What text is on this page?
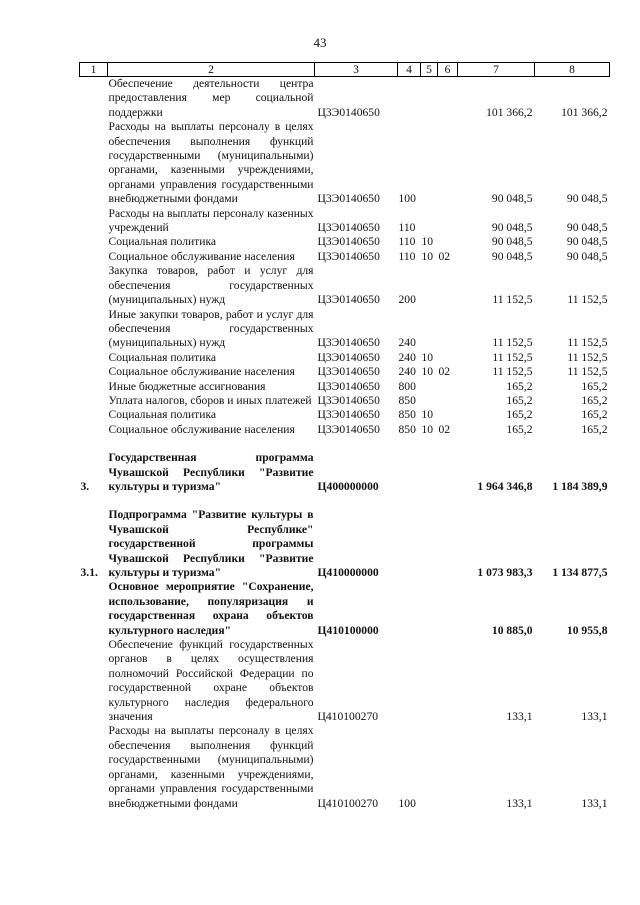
43
1	2	3	4	5	6	7	8
	Обеспечение деятельности центра предоставления мер социальной поддержки	Ц3Э0140650				101 366,2	101 366,2
	Расходы на выплаты персоналу в целях обеспечения выполнения функций государственными (муниципальными) органами, казенными учреждениями, органами управления государственными внебюджетными фондами	Ц3Э0140650	100			90 048,5	90 048,5
	Расходы на выплаты персоналу казенных учреждений	Ц3Э0140650	110			90 048,5	90 048,5
	Социальная политика	Ц3Э0140650	110	10		90 048,5	90 048,5
	Социальное обслуживание населения	Ц3Э0140650	110	10	02	90 048,5	90 048,5
	Закупка товаров, работ и услуг для обеспечения государственных (муниципальных) нужд	Ц3Э0140650	200			11 152,5	11 152,5
	Иные закупки товаров, работ и услуг для обеспечения государственных (муниципальных) нужд	Ц3Э0140650	240			11 152,5	11 152,5
	Социальная политика	Ц3Э0140650	240	10		11 152,5	11 152,5
	Социальное обслуживание населения	Ц3Э0140650	240	10	02	11 152,5	11 152,5
	Иные бюджетные ассигнования	Ц3Э0140650	800			165,2	165,2
	Уплата налогов, сборов и иных платежей	Ц3Э0140650	850			165,2	165,2
	Социальная политика	Ц3Э0140650	850	10		165,2	165,2
	Социальное обслуживание населения	Ц3Э0140650	850	10	02	165,2	165,2

3.	Государственная программа Чувашской Республики "Развитие культуры и туризма"	Ц400000000				1 964 346,8	1 184 389,9

3.1.	Подпрограмма "Развитие культуры в Чувашской Республике" государственной программы Чувашской Республики "Развитие культуры и туризма"	Ц410000000				1 073 983,3	1 134 877,5
	Основное мероприятие "Сохранение, использование, популяризация и государственная охрана объектов культурного наследия"	Ц410100000				10 885,0	10 955,8
	Обеспечение функций государственных органов в целях осуществления полномочий Российской Федерации по государственной охране объектов культурного наследия федерального значения	Ц410100270				133,1	133,1
	Расходы на выплаты персоналу в целях обеспечения выполнения функций государственными (муниципальными) органами, казенными учреждениями, органами управления государственными внебюджетными фондами	Ц410100270	100			133,1	133,1
